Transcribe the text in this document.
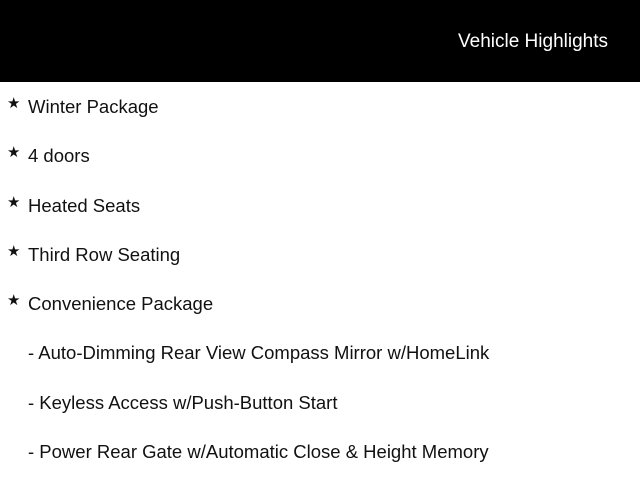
Vehicle Highlights
★ Winter Package
★ 4 doors
★ Heated Seats
★ Third Row Seating
★ Convenience Package
- Auto-Dimming Rear View Compass Mirror w/HomeLink
- Keyless Access w/Push-Button Start
- Power Rear Gate w/Automatic Close & Height Memory
